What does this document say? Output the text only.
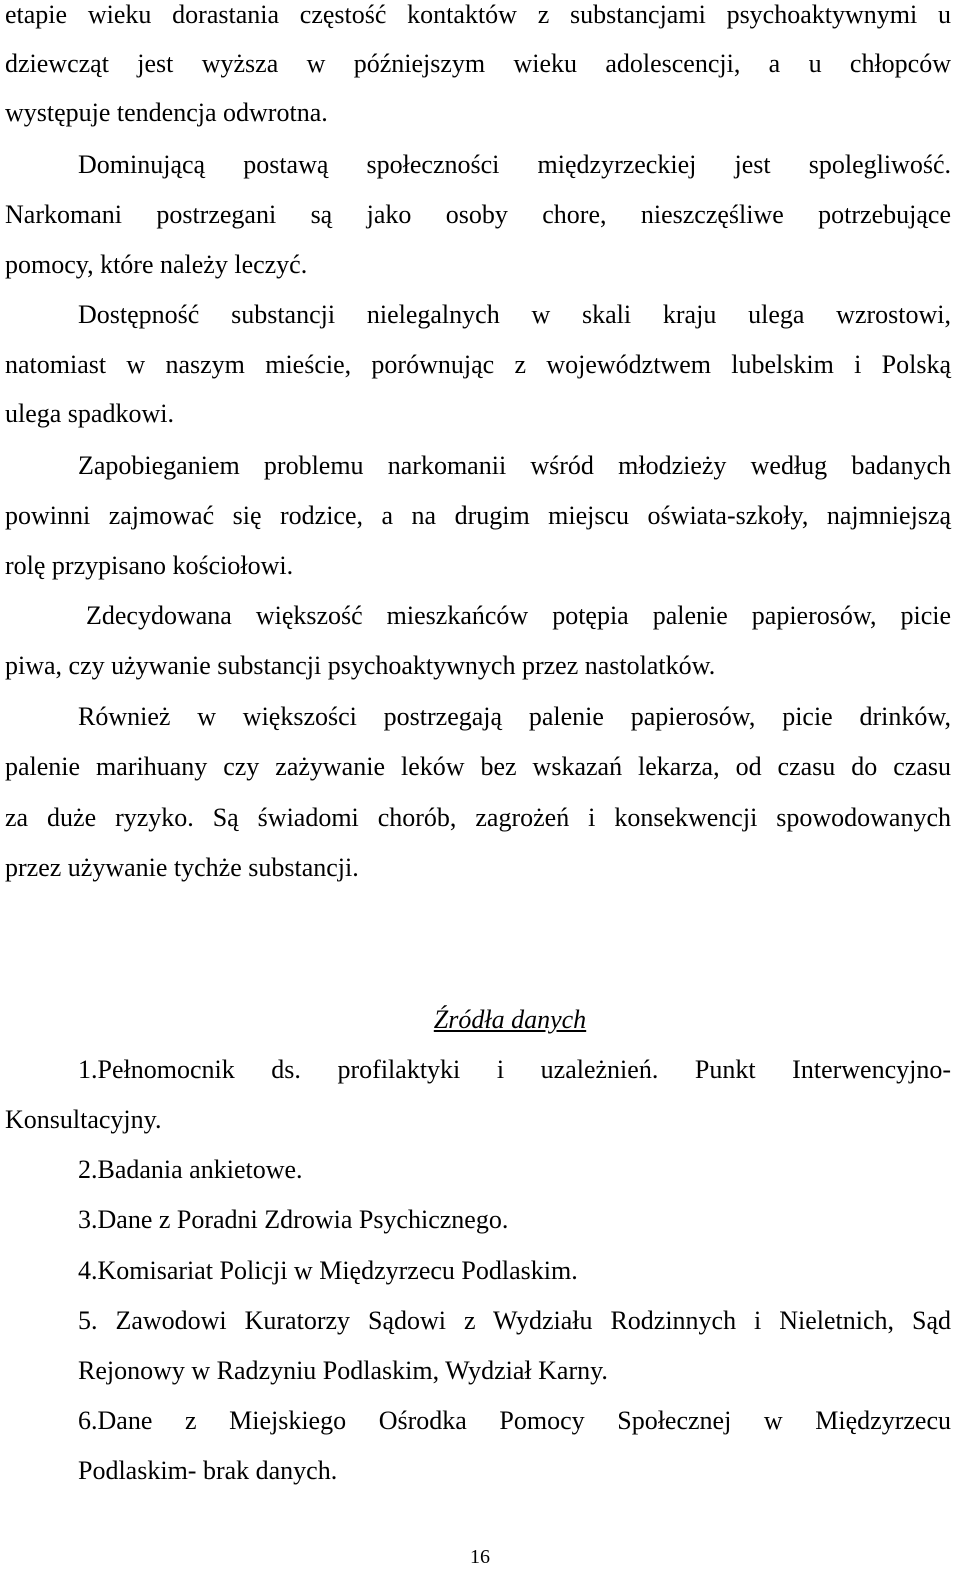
etapie wieku dorastania częstość kontaktów z substancjami psychoaktywnymi u
dziewcząt jest wyższa w późniejszym wieku adolescencji, a u chłopców
występuje tendencja odwrotna.
Dominującą postawą społeczności międzyrzeckiej jest spolegliwość.
Narkomani postrzegani są jako osoby chore, nieszczęśliwe potrzebujące
pomocy, które należy leczyć.
Dostępność substancji nielegalnych w skali kraju ulega wzrostowi,
natomiast w naszym mieście, porównując z województwem lubelskim i Polską
ulega spadkowi.
Zapobieganiem problemu narkomanii wśród młodzieży według badanych
powinni zajmować się rodzice, a na drugim miejscu oświata-szkoły, najmniejszą
rolę przypisano kościołowi.
Zdecydowana większość mieszkańców potępia palenie papierosów, picie
piwa, czy używanie substancji psychoaktywnych przez nastolatków.
Również w większości postrzegają palenie papierosów, picie drinków,
palenie marihuany czy zażywanie leków bez wskazań lekarza, od czasu do czasu
za duże ryzyko. Są świadomi chorób, zagrożeń i konsekwencji spowodowanych
przez używanie tychże substancji.
Źródła danych
1.Pełnomocnik ds. profilaktyki i uzależnień. Punkt Interwencyjno-
Konsultacyjny.
2.Badania ankietowe.
3.Dane z Poradni Zdrowia Psychicznego.
4.Komisariat Policji w Międzyrzecu Podlaskim.
5. Zawodowi Kuratorzy Sądowi z Wydziału Rodzinnych i Nieletnich, Sąd
Rejonowy w Radzyniu Podlaskim, Wydział Karny.
6.Dane z Miejskiego Ośrodka Pomocy Społecznej w Międzyrzecu
Podlaskim- brak danych.
16
